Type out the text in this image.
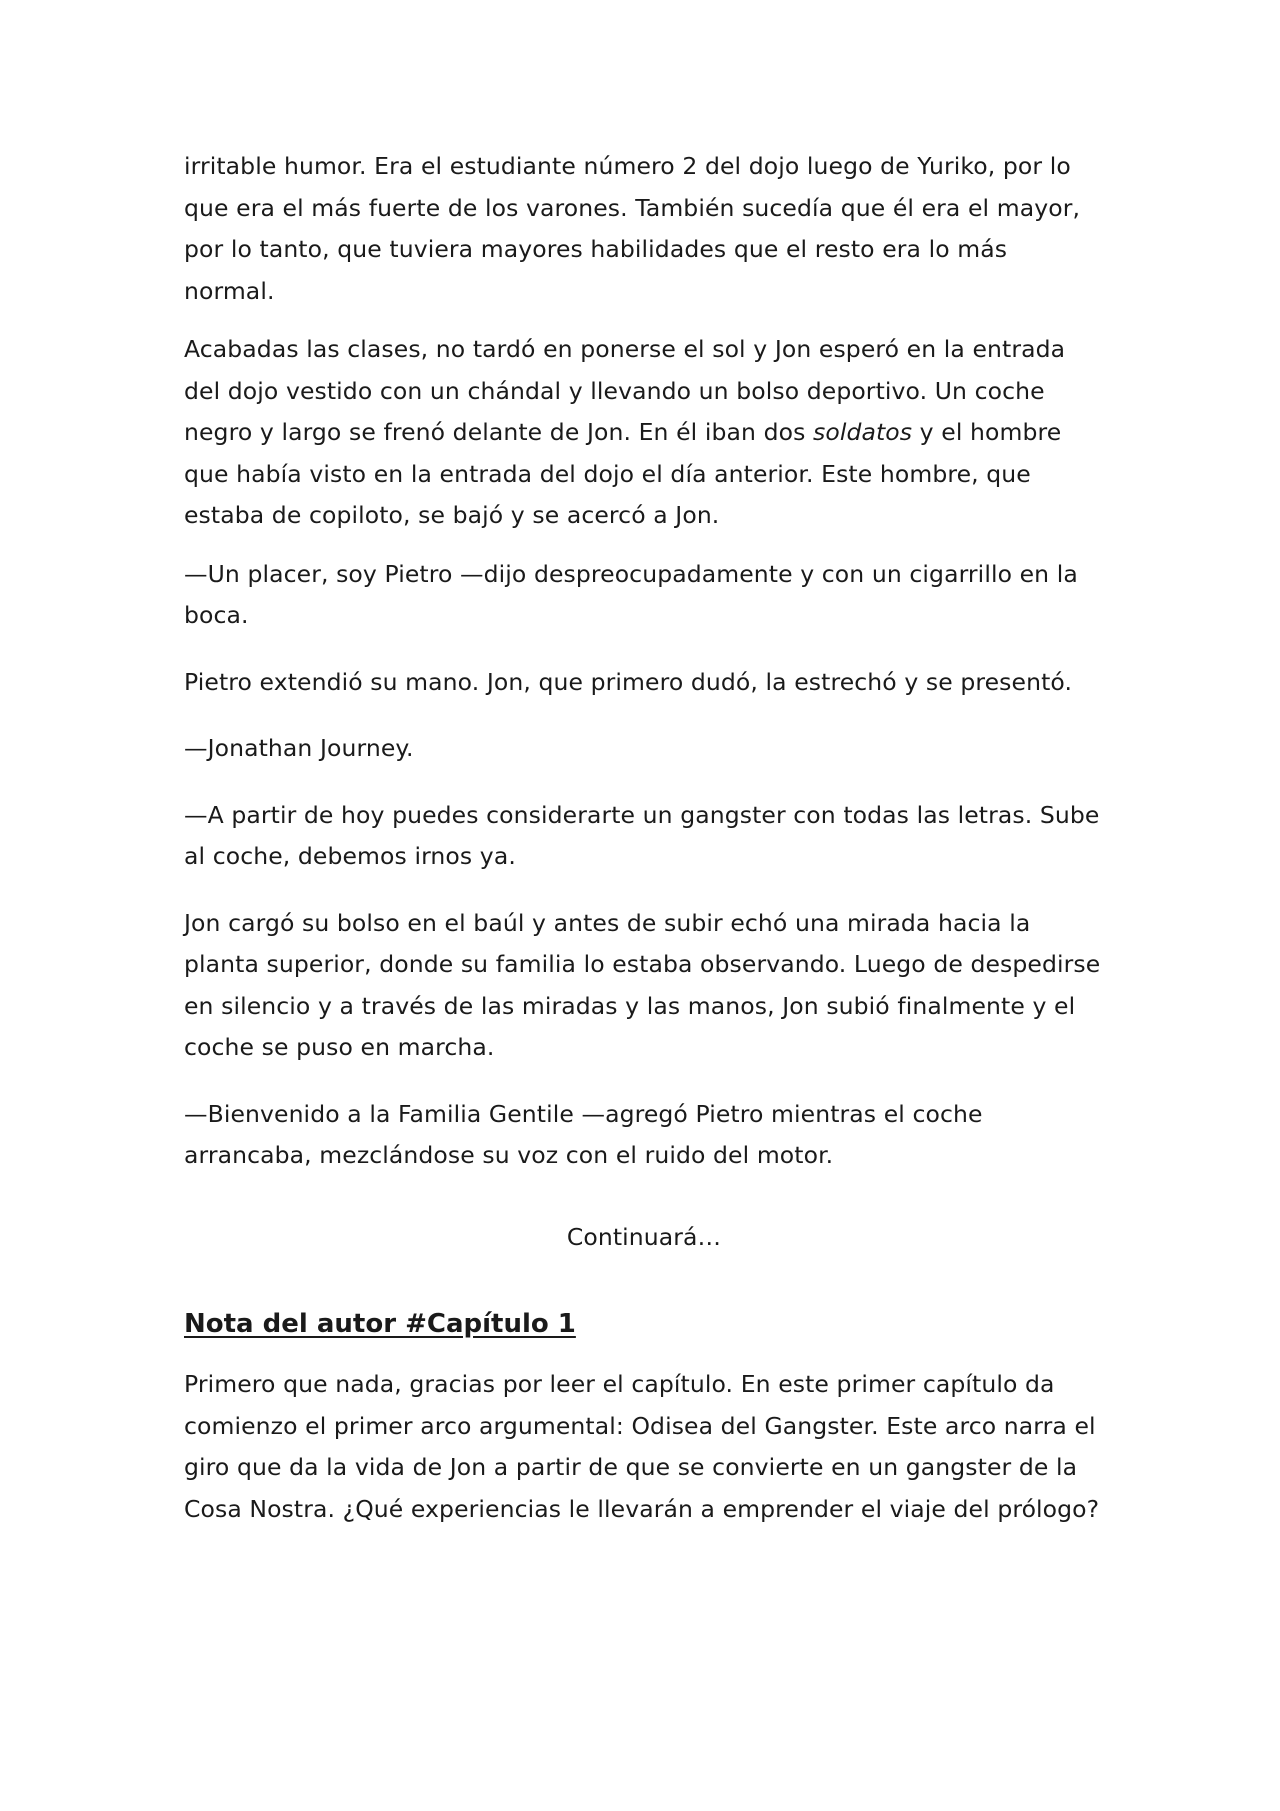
irritable humor. Era el estudiante número 2 del dojo luego de Yuriko, por lo que era el más fuerte de los varones. También sucedía que él era el mayor, por lo tanto, que tuviera mayores habilidades que el resto era lo más normal.

Acabadas las clases, no tardó en ponerse el sol y Jon esperó en la entrada del dojo vestido con un chándal y llevando un bolso deportivo. Un coche negro y largo se frenó delante de Jon. En él iban dos soldatos y el hombre que había visto en la entrada del dojo el día anterior. Este hombre, que estaba de copiloto, se bajó y se acercó a Jon.

—Un placer, soy Pietro —dijo despreocupadamente y con un cigarrillo en la boca.

Pietro extendió su mano. Jon, que primero dudó, la estrechó y se presentó.

—Jonathan Journey.

—A partir de hoy puedes considerarte un gangster con todas las letras. Sube al coche, debemos irnos ya.

Jon cargó su bolso en el baúl y antes de subir echó una mirada hacia la planta superior, donde su familia lo estaba observando. Luego de despedirse en silencio y a través de las miradas y las manos, Jon subió finalmente y el coche se puso en marcha.

—Bienvenido a la Familia Gentile —agregó Pietro mientras el coche arrancaba, mezclándose su voz con el ruido del motor.

Continuará…

Nota del autor #Capítulo 1

Primero que nada, gracias por leer el capítulo. En este primer capítulo da comienzo el primer arco argumental: Odisea del Gangster. Este arco narra el giro que da la vida de Jon a partir de que se convierte en un gangster de la Cosa Nostra. ¿Qué experiencias le llevarán a emprender el viaje del prólogo?
